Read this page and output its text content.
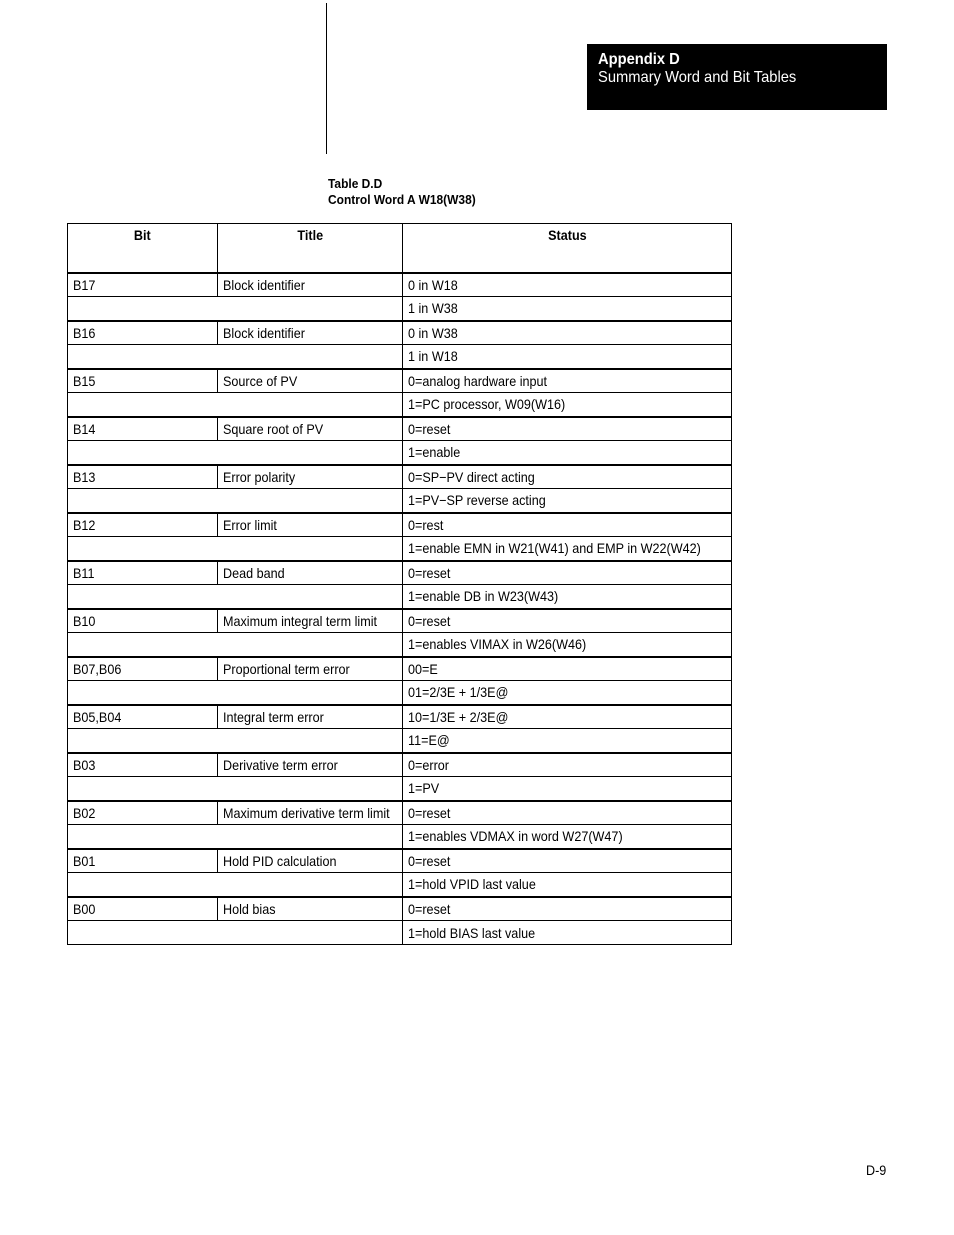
Appendix D
Summary Word and Bit Tables
Table D.D
Control Word A W18(W38)
Bit	Title	Status
B17	Block identifier	0 in W18
		1 in W38
B16	Block identifier	0 in W38
		1 in W18
B15	Source of PV	0=analog hardware input
		1=PC processor, W09(W16)
B14	Square root of PV	0=reset
		1=enable
B13	Error polarity	0=SP−PV direct acting
		1=PV−SP reverse acting
B12	Error limit	0=rest
		1=enable EMN in W21(W41) and EMP in W22(W42)
B11	Dead band	0=reset
		1=enable DB in W23(W43)
B10	Maximum integral term limit	0=reset
		1=enables VIMAX in W26(W46)
B07,B06	Proportional term error	00=E
		01=2/3E + 1/3E@
B05,B04	Integral term error	10=1/3E + 2/3E@
		11=E@
B03	Derivative term error	0=error
		1=PV
B02	Maximum derivative term limit	0=reset
		1=enables VDMAX in word W27(W47)
B01	Hold PID calculation	0=reset
		1=hold VPID last value
B00	Hold bias	0=reset
		1=hold BIAS last value
D-9
